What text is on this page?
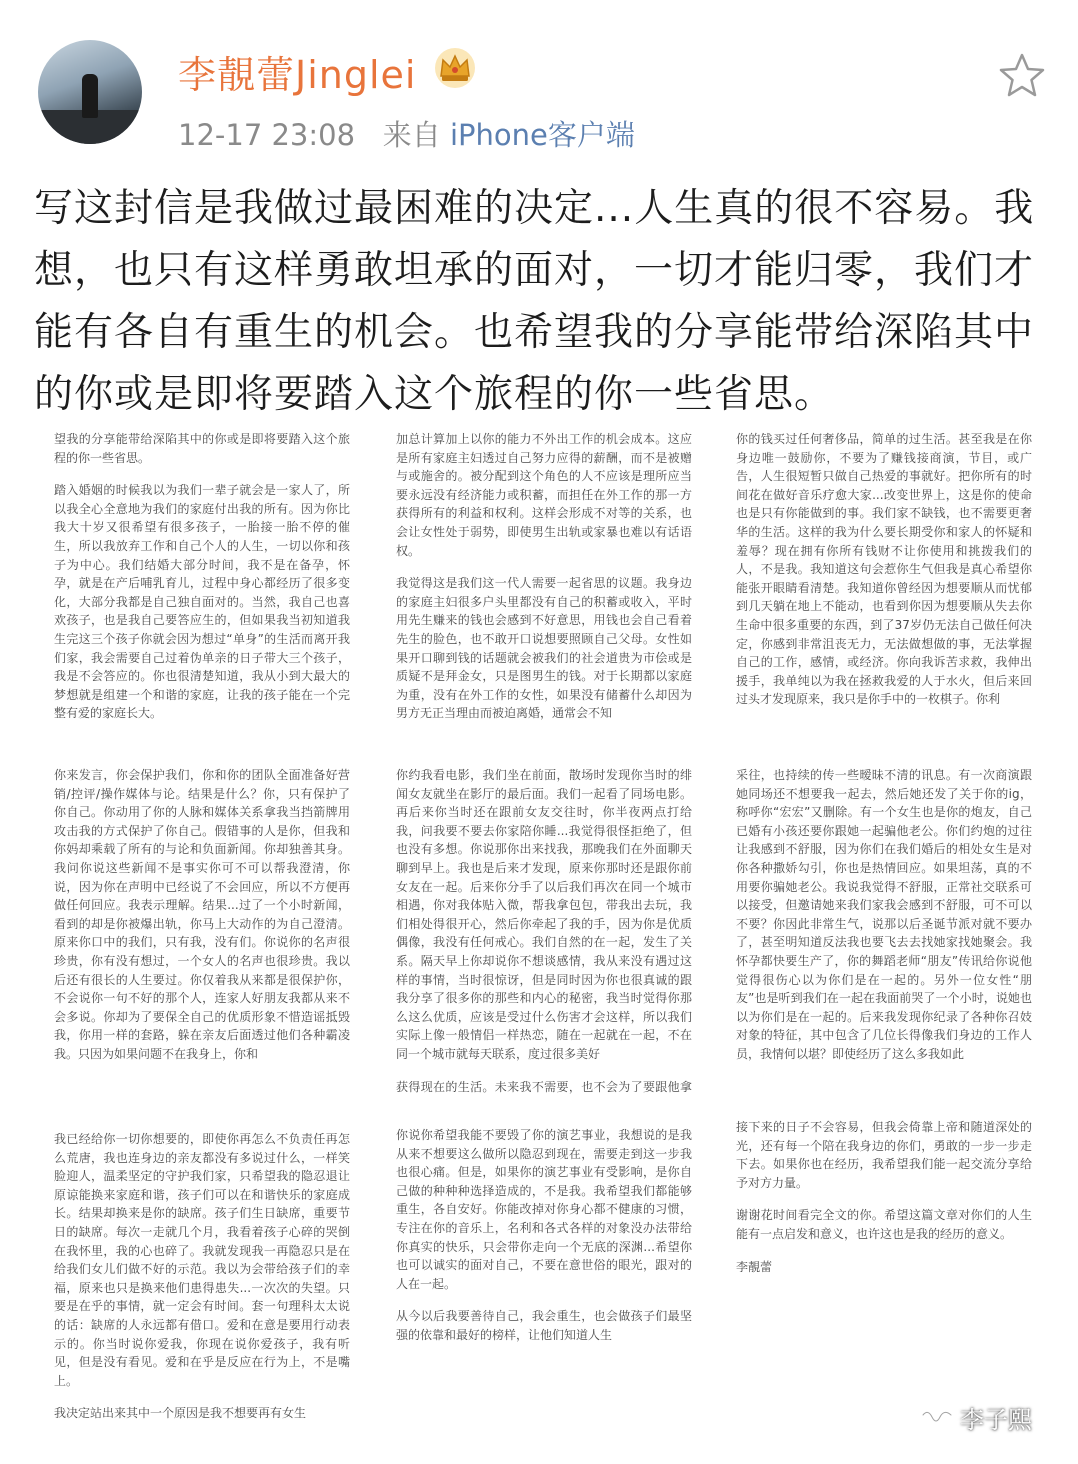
李靚蕾Jinglei
12-17 23:08 来自 iPhone客户端
写这封信是我做过最困难的决定...人生真的很不容易。我想，也只有这样勇敢坦承的面对，一切才能归零，我们才能有各自有重生的机会。也希望我的分享能带给深陷其中的你或是即将要踏入这个旅程的你一些省思。

望我的分享能带给深陷其中的你或是即将要踏入这个旅程的你一些省思。

踏入婚姻的时候我以为我们一辈子就会是一家人了，所以我全心全意地为我们的家庭付出我的所有。因为你比我大十岁又很希望有很多孩子，一胎接一胎不停的催生，所以我放弃工作和自己个人的人生，一切以你和孩子为中心。我们结婚大部分时间，我不是在备孕，怀孕，就是在产后哺乳育儿，过程中身心都经历了很多变化，大部分我都是自己独自面对的。当然，我自己也喜欢孩子，也是我自己要答应生的，但如果我当初知道我生完这三个孩子你就会因为想过“单身”的生活而离开我们家，我会需要自己过着伪单亲的日子带大三个孩子，我是不会答应的。你也很清楚知道，我从小到大最大的梦想就是组建一个和谐的家庭，让我的孩子能在一个完整有爱的家庭长大。

你来发言，你会保护我们，你和你的团队全面准备好营销/控评/操作媒体与论。结果是什么？你，只有保护了你自己。你动用了你的人脉和媒体关系拿我当挡箭牌用攻击我的方式保护了你自己。假错事的人是你，但我和你妈却乘载了所有的与论和负面新闻。你却独善其身。我问你说这些新闻不是事实你可不可以帮我澄清，你说，因为你在声明中已经说了不会回应，所以不方便再做任何回应。我表示理解。结果...过了一个小时新闻，看到的却是你被爆出轨，你马上大动作的为自己澄清。原来你口中的我们，只有我，没有们。你说你的名声很珍贵，你有没有想过，一个女人的名声也很珍贵。我以后还有很长的人生要过。你仅着我从来都是很保护你，不会说你一句不好的那个人，连家人好朋友我都从来不会多说。你却为了要保全自己的优质形象不惜造谣抵毁我，你用一样的套路，躲在亲友后面透过他们各种霸凌我。只因为如果问题不在我身上，你和

我已经给你一切你想要的，即使你再怎么不负责任再怎么荒唐，我也连身边的亲友都没有多说过什么，一样笑脸迎人，温柔坚定的守护我们家，只希望我的隐忍退让原谅能换来家庭和谐，孩子们可以在和谐快乐的家庭成长。结果却换来是你的缺席。孩子们生日缺席，重要节日的缺席。每次一走就几个月，我看着孩子心碎的哭倒在我怀里，我的心也碎了。我就发现我一再隐忍只是在给我们女儿们做不好的示范。我以为会带给孩子们的幸福，原来也只是换来他们患得患失...一次次的失望。只要是在乎的事情，就一定会有时间。套一句理科太太说的话：缺席的人永远都有借口。爱和在意是要用行动表示的。你当时说你爱我，你现在说你爱孩子，我有听见，但是没有看见。爱和在乎是反应在行为上，不是嘴上。

我决定站出来其中一个原因是我不想要再有女生

加总计算加上以你的能力不外出工作的机会成本。这应是所有家庭主妇透过自己努力应得的薪酬，而不是被赠与或施舍的。被分配到这个角色的人不应该是理所应当要永远没有经济能力或积蓄，而担任在外工作的那一方获得所有的利益和权利。这样会形成不对等的关系，也会让女性处于弱势，即使男生出轨或家暴也难以有话语权。

我觉得这是我们这一代人需要一起省思的议题。我身边的家庭主妇很多户头里都没有自己的积蓄或收入，平时用先生赚来的钱也会感到不好意思，用钱也会自己看着先生的脸色，也不敢开口说想要照顾自己父母。女性如果开口聊到钱的话题就会被我们的社会道贵为市侩或是质疑不是拜金女，只是图男生的钱。对于长期都以家庭为重，没有在外工作的女性，如果没有储蓄什么却因为男方无正当理由而被迫离婚，通常会不知

你约我看电影，我们坐在前面，散场时发现你当时的绯闻女友就坐在影厅的最后面。我们一起看了同场电影。再后来你当时还在跟前女友交往时，你半夜两点打给我，问我要不要去你家陪你睡...我觉得很怪拒绝了，但也没有多想。你说那你出来找我，那晚我们在外面聊天聊到早上。我也是后来才发现，原来你那时还是跟你前女友在一起。后来你分手了以后我们再次在同一个城市相遇，你对我体贴入微，帮我拿包包，带我出去玩，我们相处得很开心，然后你牵起了我的手，因为你是优质偶像，我没有任何戒心。我们自然的在一起，发生了关系。隔天早上你却说你不想谈感情，我从来没有遇过这样的事情，当时很惊讶，但是同时因为你也很真诚的跟我分享了很多你的那些和内心的秘密，我当时觉得你那么这么优质，应该是受过什么伤害才会这样，所以我们实际上像一般情侣一样热恋，随在一起就在一起，不在同一个城市就每天联系，度过很多美好

获得现在的生活。未来我不需要，也不会为了要跟他拿

你说你希望我能不要毁了你的演艺事业，我想说的是我从来不想要这么做所以隐忍到现在，需要走到这一步我也很心痛。但是，如果你的演艺事业有受影响，是你自己做的种种种选择造成的，不是我。我希望我们都能够重生，各自安好。你能改掉对你身心都不健康的习惯，专注在你的音乐上，名利和各式各样的对象没办法带给你真实的快乐，只会带你走向一个无底的深渊...希望你也可以诚实的面对自己，不要在意世俗的眼光，跟对的人在一起。

从今以后我要善待自己，我会重生，也会做孩子们最坚强的依靠和最好的榜样，让他们知道人生

你的钱买过任何奢侈品，简单的过生活。甚至我是在你身边唯一鼓励你，不要为了赚钱接商演，节目，或广告，人生很短暂只做自己热爱的事就好。把你所有的时间花在做好音乐疗愈大家...改变世界上，这是你的使命也是只有你能做到的事。我们家不缺钱，也不需要更奢华的生活。这样的我为什么要长期受你和家人的怀疑和羞辱？现在拥有你所有钱财不让你使用和挑拨我们的人，不是我。我知道这句会惹你生气但我是真心希望你能张开眼睛看清楚。我知道你曾经因为想要顺从而忧郁到几天躺在地上不能动，也看到你因为想要顺从失去你生命中很多重要的东西，到了37岁仍无法自己做任何决定，你感到非常沮丧无力，无法做想做的事，无法掌握自己的工作，感情，或经济。你向我诉苦求救，我伸出援手，我单纯以为我在拯救我爱的人于水火，但后来回过头才发现原来，我只是你手中的一枚棋子。你利

采往，也持续的传一些暧昧不清的讯息。有一次商演跟她同场还不想要我一起去，然后她还发了关于你的ig，称呼你“宏宏”又删除。有一个女生也是你的炮友，自己已婚有小孩还要你跟她一起骗他老公。你们约炮的过往让我感到不舒服，因为你们在我们婚后的相处女生是对你各种撒娇勾引，你也是热情回应。如果坦荡，真的不用要你骗她老公。我说我觉得不舒服，正常社交联系可以接受，但邀请她来我们家我会感到不舒服，可不可以不要？你因此非常生气，说那以后圣诞节派对就不要办了，甚至明知道反法我也要飞去去找她家找她聚会。我怀孕都快要生产了，你的舞蹈老师“朋友”传讯给你说他觉得很伤心以为你们是在一起的。另外一位女性“朋友”也是听到我们在一起在我面前哭了一个小时，说她也以为你们是在一起的。后来我发现你纪录了各种你召妓对象的特征，其中包含了几位长得像我们身边的工作人员，我情何以堪？即使经历了这么多我如此

接下来的日子不会容易，但我会倚靠上帝和随道深处的光，还有每一个陪在我身边的你们，勇敢的一步一步走下去。如果你也在经历，我希望我们能一起交流分享给予对方力量。

谢谢花时间看完全文的你。希望这篇文章对你们的人生能有一点启发和意义，也许这也是我的经历的意义。

李靚蕾

李子熙
